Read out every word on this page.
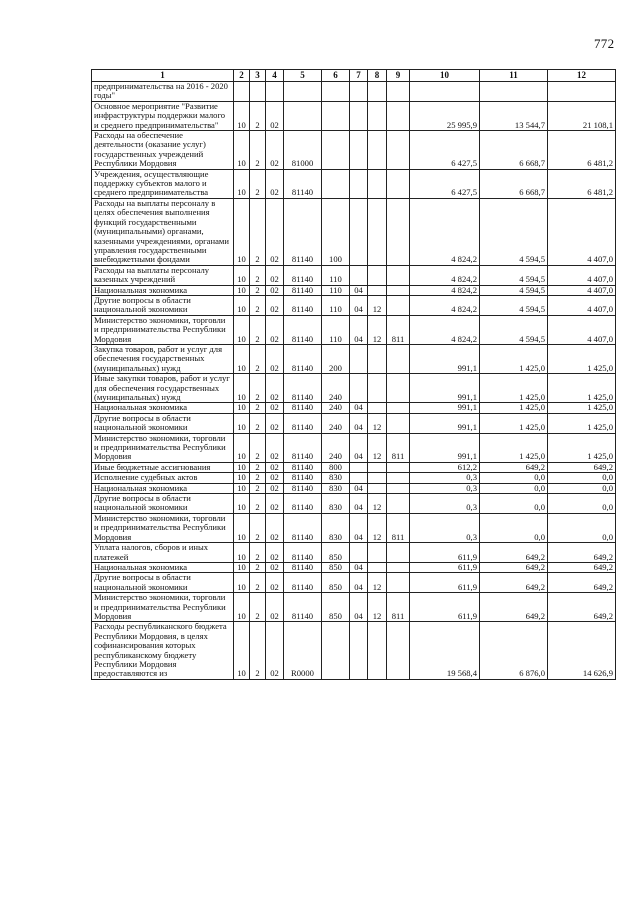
772
1	2	3	4	5	6	7	8	9	10	11	12
предпринимательства на 2016 - 2020 годы"											
Основное мероприятие "Развитие инфраструктуры поддержки малого и среднего предпринимательства"	10	2	02						25 995,9	13 544,7	21 108,1
Расходы на обеспечение деятельности (оказание услуг) государственных учреждений Республики Мордовия	10	2	02	81000					6 427,5	6 668,7	6 481,2
Учреждения, осуществляющие поддержку субъектов малого и среднего предпринимательства	10	2	02	81140					6 427,5	6 668,7	6 481,2
Расходы на выплаты персоналу в целях обеспечения выполнения функций государственными (муниципальными) органами, казенными учреждениями, органами управления государственными внебюджетными фондами	10	2	02	81140	100				4 824,2	4 594,5	4 407,0
Расходы на выплаты персоналу казенных учреждений	10	2	02	81140	110				4 824,2	4 594,5	4 407,0
Национальная экономика	10	2	02	81140	110	04			4 824,2	4 594,5	4 407,0
Другие вопросы в области национальной экономики	10	2	02	81140	110	04	12		4 824,2	4 594,5	4 407,0
Министерство экономики, торговли и предпринимательства Республики Мордовия	10	2	02	81140	110	04	12	811	4 824,2	4 594,5	4 407,0
Закупка товаров, работ и услуг для обеспечения государственных (муниципальных) нужд	10	2	02	81140	200				991,1	1 425,0	1 425,0
Иные закупки товаров, работ и услуг для обеспечения государственных (муниципальных) нужд	10	2	02	81140	240				991,1	1 425,0	1 425,0
Национальная экономика	10	2	02	81140	240	04			991,1	1 425,0	1 425,0
Другие вопросы в области национальной экономики	10	2	02	81140	240	04	12		991,1	1 425,0	1 425,0
Министерство экономики, торговли и предпринимательства Республики Мордовия	10	2	02	81140	240	04	12	811	991,1	1 425,0	1 425,0
Иные бюджетные ассигнования	10	2	02	81140	800				612,2	649,2	649,2
Исполнение судебных актов	10	2	02	81140	830				0,3	0,0	0,0
Национальная экономика	10	2	02	81140	830	04			0,3	0,0	0,0
Другие вопросы в области национальной экономики	10	2	02	81140	830	04	12		0,3	0,0	0,0
Министерство экономики, торговли и предпринимательства Республики Мордовия	10	2	02	81140	830	04	12	811	0,3	0,0	0,0
Уплата налогов, сборов и иных платежей	10	2	02	81140	850				611,9	649,2	649,2
Национальная экономика	10	2	02	81140	850	04			611,9	649,2	649,2
Другие вопросы в области национальной экономики	10	2	02	81140	850	04	12		611,9	649,2	649,2
Министерство экономики, торговли и предпринимательства Республики Мордовия	10	2	02	81140	850	04	12	811	611,9	649,2	649,2
Расходы республиканского бюджета Республики Мордовия, в целях софинансирования которых республиканскому бюджету Республики Мордовия предоставляются из	10	2	02	R0000					19 568,4	6 876,0	14 626,9
